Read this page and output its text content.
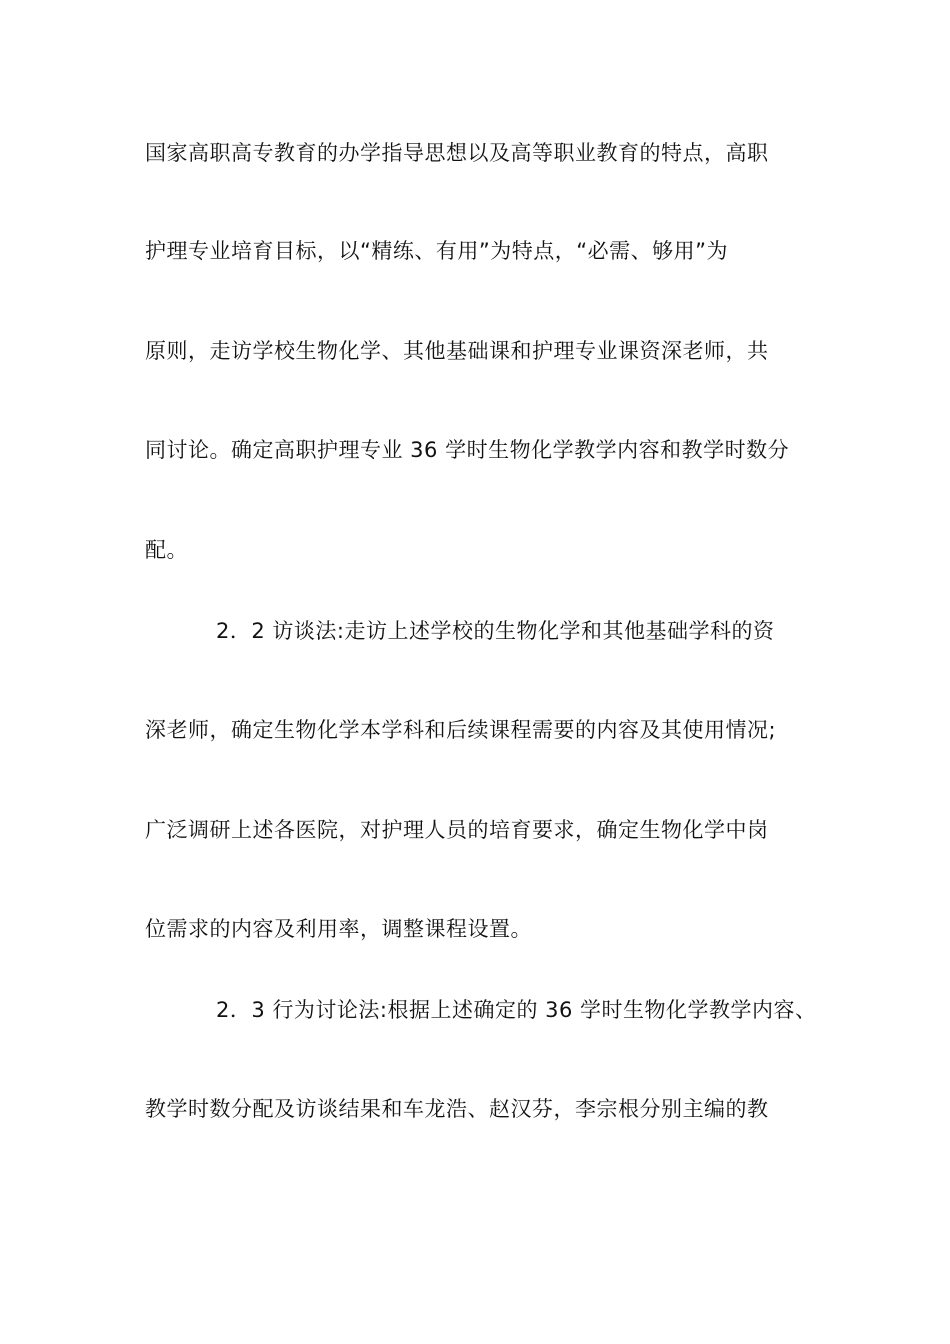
国家高职高专教育的办学指导思想以及高等职业教育的特点，高职
护理专业培育目标，以“精练、有用”为特点，“必需、够用”为
原则，走访学校生物化学、其他基础课和护理专业课资深老师，共
同讨论。确定高职护理专业 36 学时生物化学教学内容和教学时数分
配。
2．2 访谈法:走访上述学校的生物化学和其他基础学科的资
深老师，确定生物化学本学科和后续课程需要的内容及其使用情况;
广泛调研上述各医院，对护理人员的培育要求，确定生物化学中岗
位需求的内容及利用率，调整课程设置。
2．3 行为讨论法:根据上述确定的 36 学时生物化学教学内容、
教学时数分配及访谈结果和车龙浩、赵汉芬，李宗根分别主编的教
